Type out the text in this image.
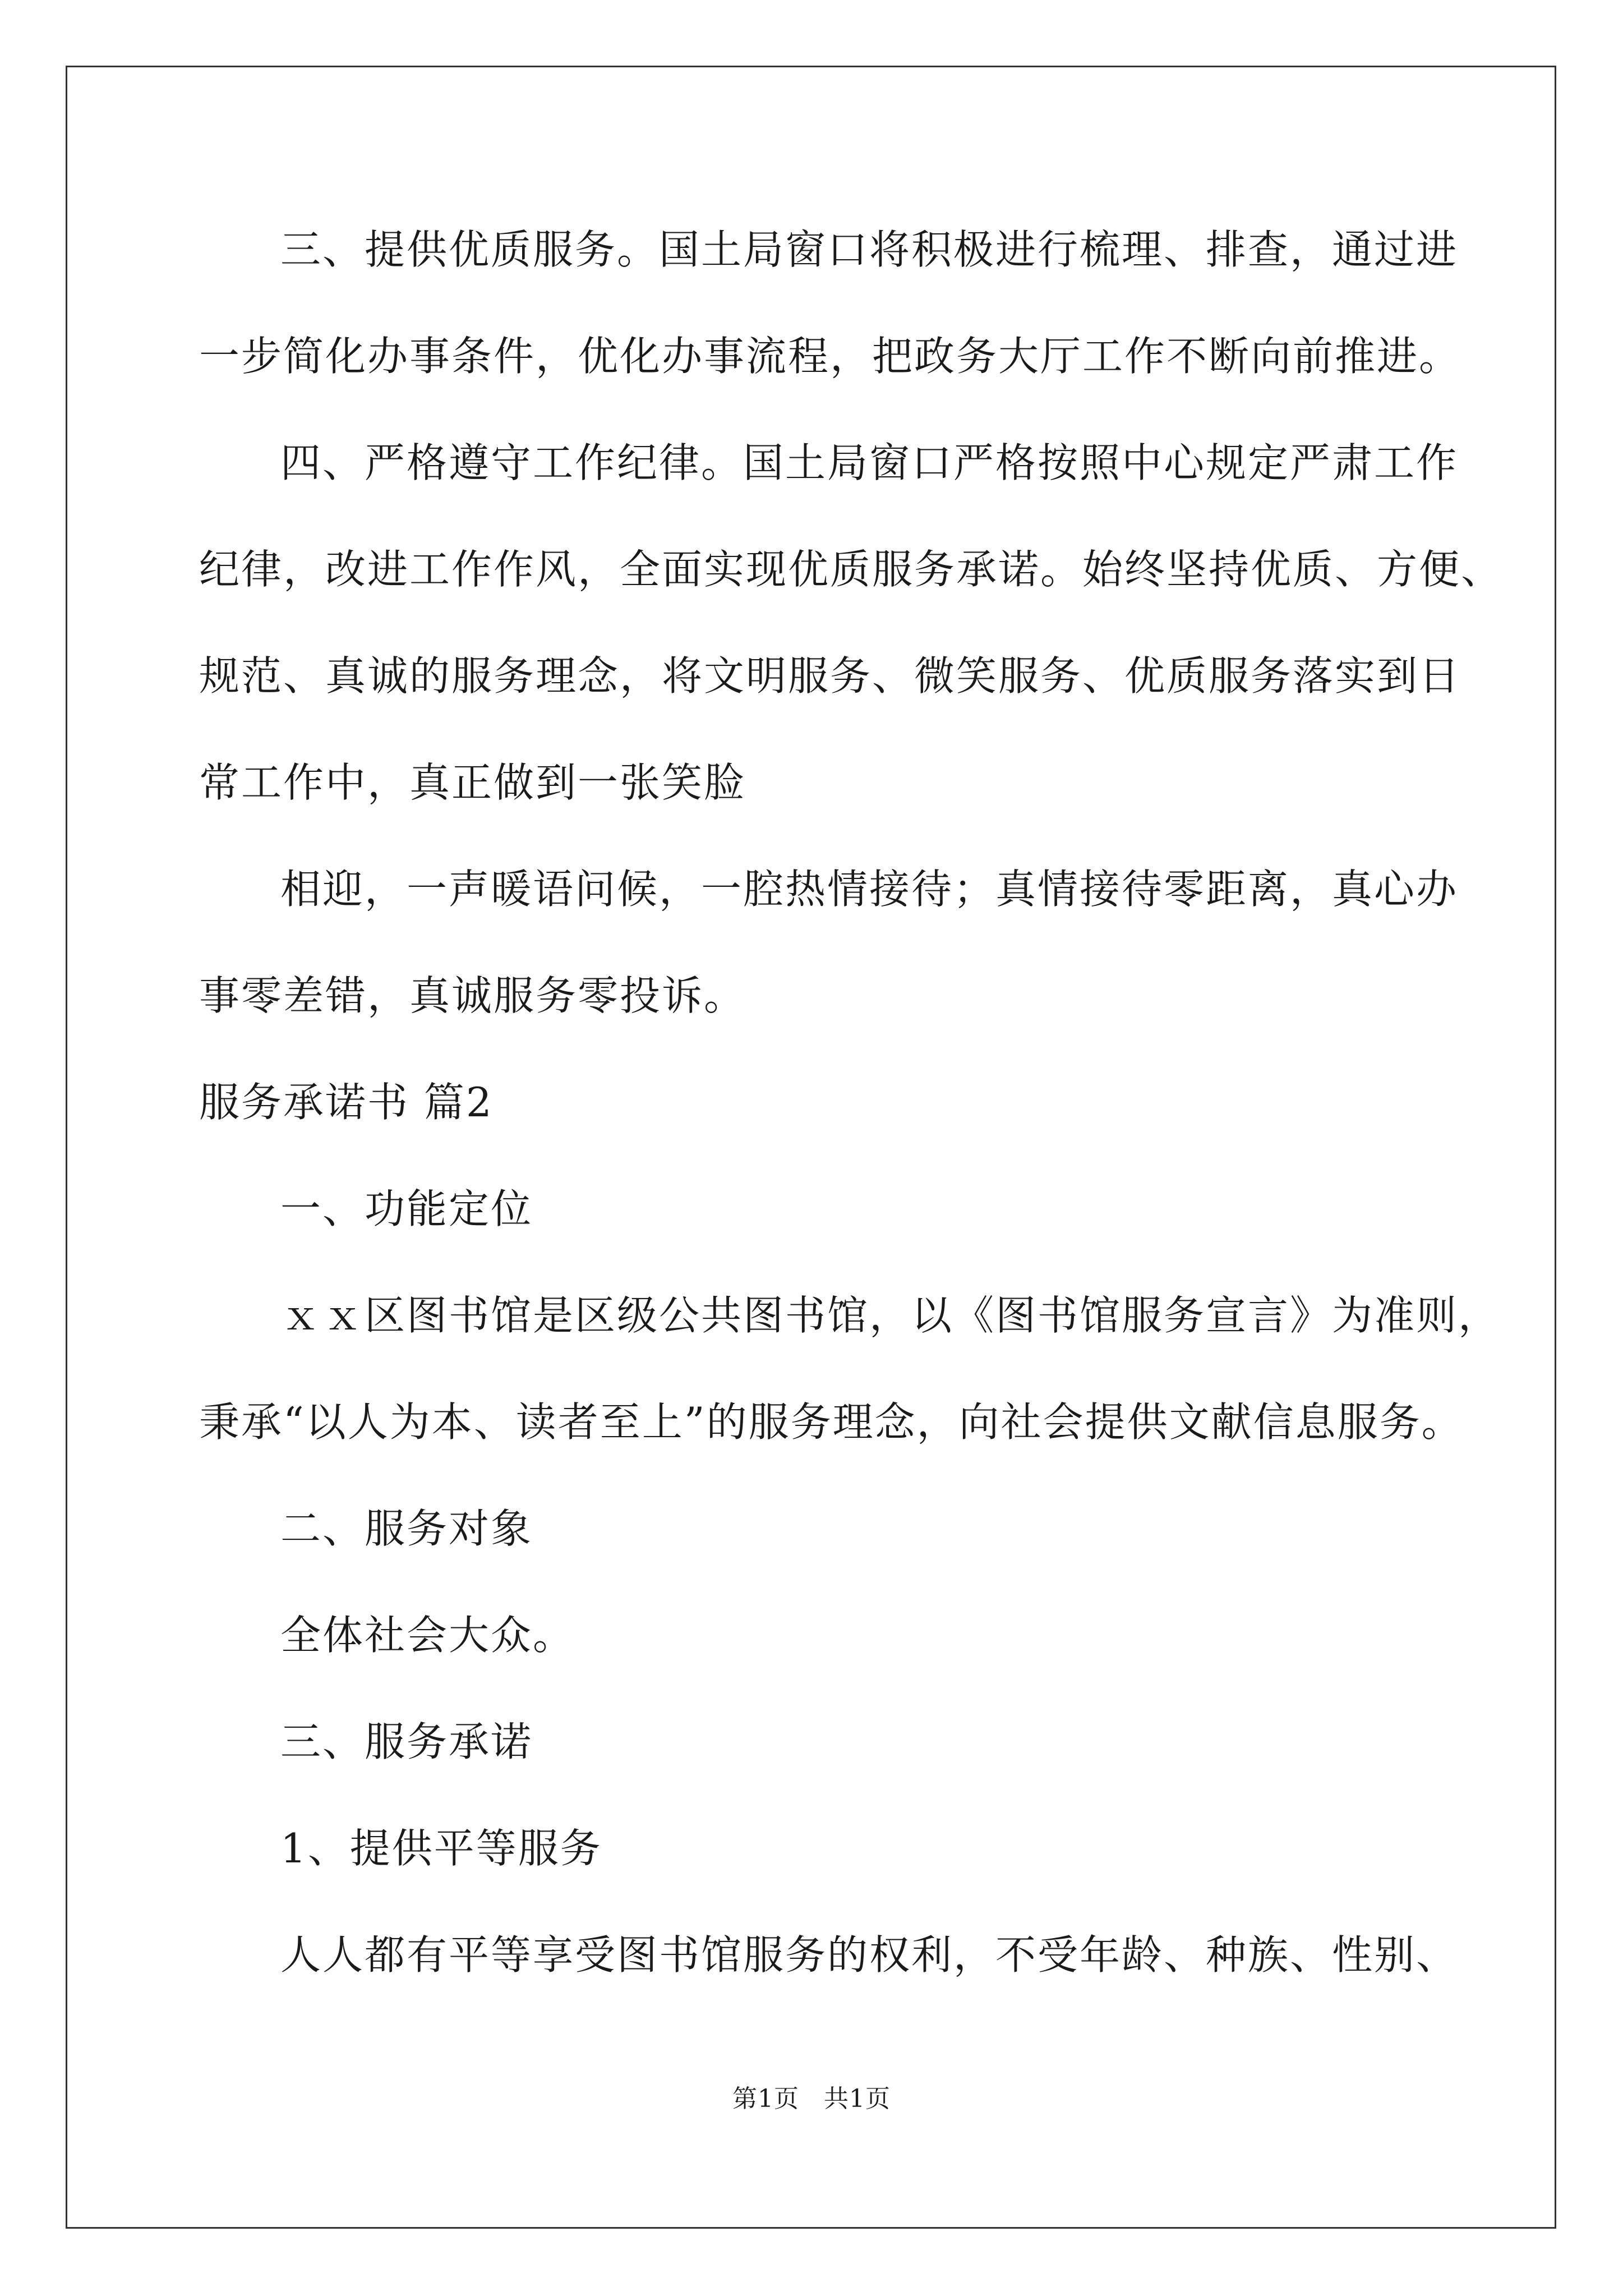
三、提供优质服务。国土局窗口将积极进行梳理、排查，通过进
一步简化办事条件，优化办事流程，把政务大厅工作不断向前推进。
四、严格遵守工作纪律。国土局窗口严格按照中心规定严肃工作
纪律，改进工作作风，全面实现优质服务承诺。始终坚持优质、方便、
规范、真诚的服务理念，将文明服务、微笑服务、优质服务落实到日
常工作中，真正做到一张笑脸
相迎，一声暖语问候，一腔热情接待；真情接待零距离，真心办
事零差错，真诚服务零投诉。
服务承诺书 篇2
一、功能定位
ｘｘ区图书馆是区级公共图书馆，以《图书馆服务宣言》为准则，
秉承“以人为本、读者至上”的服务理念，向社会提供文献信息服务。
二、服务对象
全体社会大众。
三、服务承诺
1、提供平等服务
人人都有平等享受图书馆服务的权利，不受年龄、种族、性别、
第1页 共1页
